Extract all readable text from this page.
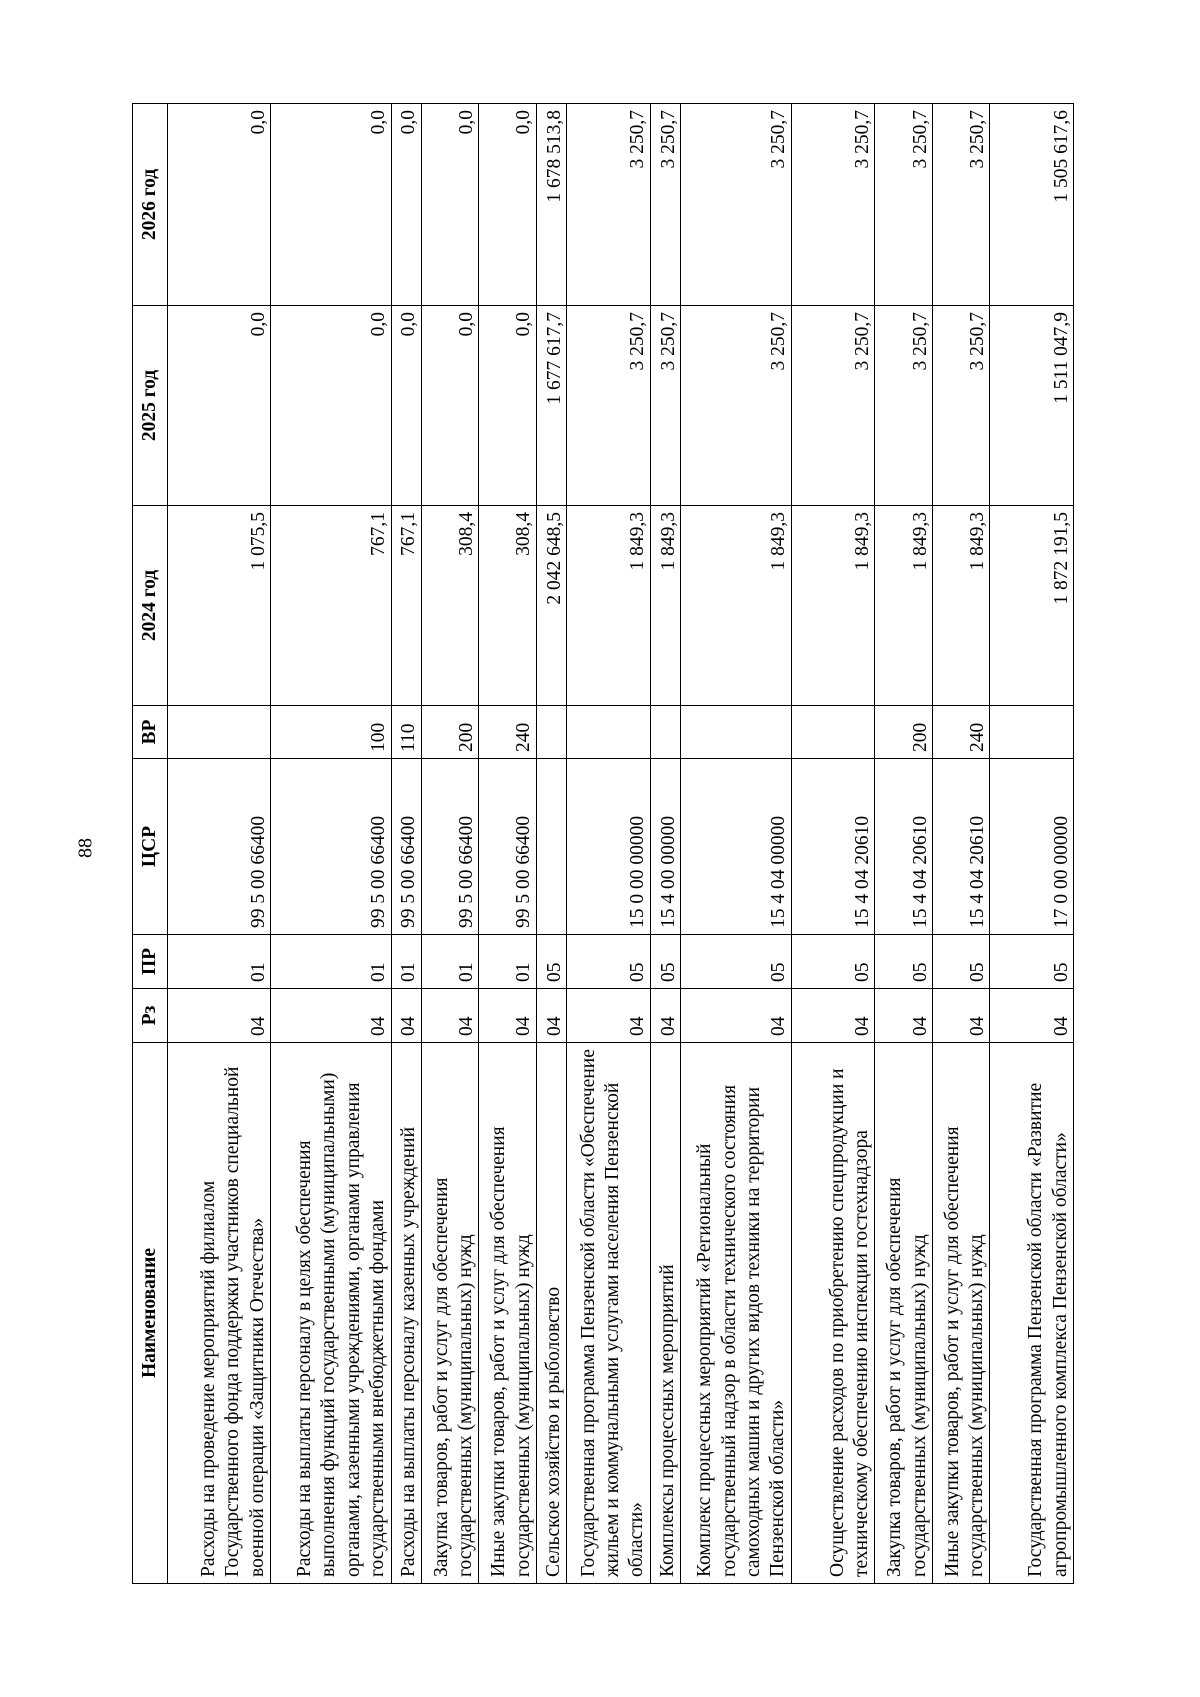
88
Наименование	Рз	ПР	ЦСР	ВР	2024 год	2025 год	2026 год
Расходы на проведение мероприятий филиалом Государственного фонда поддержки участников специальной военной операции «Защитники Отечества»	04	01	99 5 00 66400		1 075,5	0,0	0,0
Расходы на выплаты персоналу в целях обеспечения выполнения функций государственными (муниципальными) органами, казенными учреждениями, органами управления государственными внебюджетными фондами	04	01	99 5 00 66400	100	767,1	0,0	0,0
Расходы на выплаты персоналу казенных учреждений	04	01	99 5 00 66400	110	767,1	0,0	0,0
Закупка товаров, работ и услуг для обеспечения государственных (муниципальных) нужд	04	01	99 5 00 66400	200	308,4	0,0	0,0
Иные закупки товаров, работ и услуг для обеспечения государственных (муниципальных) нужд	04	01	99 5 00 66400	240	308,4	0,0	0,0
Сельское хозяйство и рыболовство	04	05			2 042 648,5	1 677 617,7	1 678 513,8
Государственная программа Пензенской области «Обеспечение жильем и коммунальными услугами населения Пензенской области»	04	05	15 0 00 00000		1 849,3	3 250,7	3 250,7
Комплексы процессных мероприятий	04	05	15 4 00 00000		1 849,3	3 250,7	3 250,7
Комплекс процессных мероприятий «Региональный государственный надзор в области технического состояния самоходных машин и других видов техники на территории Пензенской области»	04	05	15 4 04 00000		1 849,3	3 250,7	3 250,7
Осуществление расходов по приобретению спецпродукции и техническому обеспечению инспекции гостехнадзора	04	05	15 4 04 20610		1 849,3	3 250,7	3 250,7
Закупка товаров, работ и услуг для обеспечения государственных (муниципальных) нужд	04	05	15 4 04 20610	200	1 849,3	3 250,7	3 250,7
Иные закупки товаров, работ и услуг для обеспечения государственных (муниципальных) нужд	04	05	15 4 04 20610	240	1 849,3	3 250,7	3 250,7
Государственная программа Пензенской области «Развитие агропромышленного комплекса Пензенской области»	04	05	17 0 00 00000		1 872 191,5	1 511 047,9	1 505 617,6
